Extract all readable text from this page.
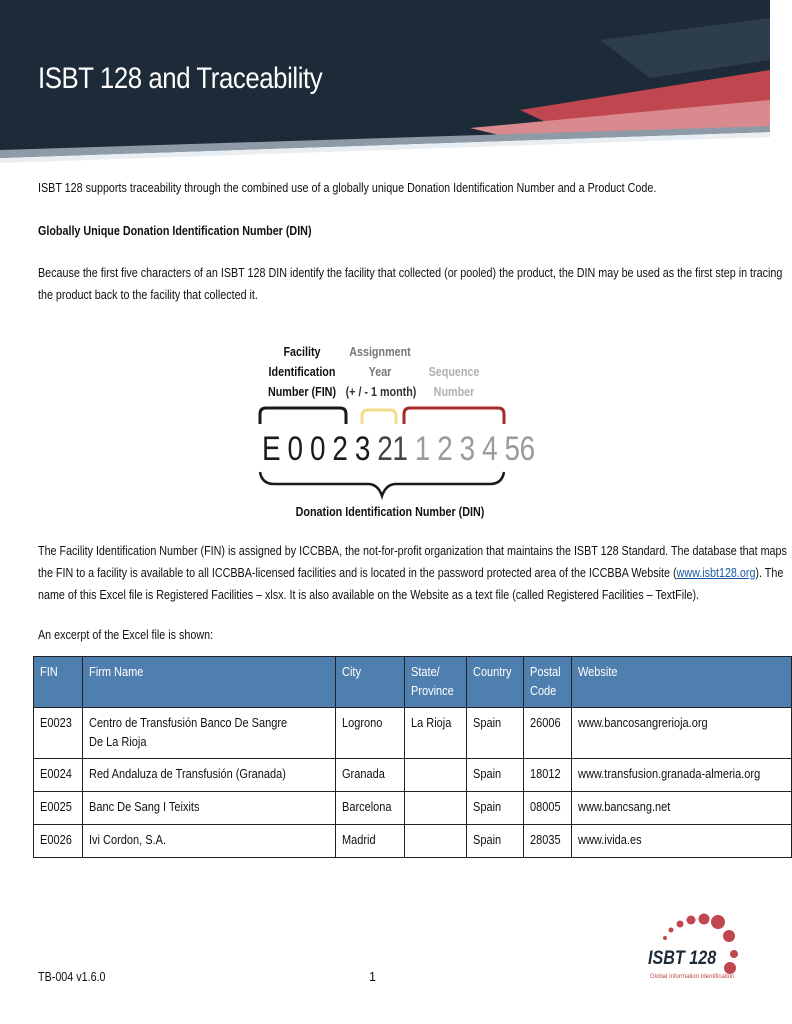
ISBT 128 and Traceability
ISBT 128 supports traceability through the combined use of a globally unique Donation Identification Number and a Product Code.
Globally Unique Donation Identification Number (DIN)
Because the first five characters of an ISBT 128 DIN identify the facility that collected (or pooled) the product, the DIN may be used as the first step in tracing
the product back to the facility that collected it.
Facility
Identification
Number (FIN)
Assignment
Year
(+ / - 1 month)
Sequence
Number
E 0 0 2 3 21 1 2 3 4 56
Donation Identification Number (DIN)
The Facility Identification Number (FIN) is assigned by ICCBBA, the not-for-profit organization that maintains the ISBT 128 Standard. The database that maps
the FIN to a facility is available to all ICCBBA-licensed facilities and is located in the password protected area of the ICCBBA Website (www.isbt128.org). The
name of this Excel file is Registered Facilities – xlsx. It is also available on the Website as a text file (called Registered Facilities – TextFile).
An excerpt of the Excel file is shown:
FIN	Firm Name	City	State/ Province	Country	Postal Code	Website
E0023	Centro de Transfusión Banco De Sangre De La Rioja	Logrono	La Rioja	Spain	26006	www.bancosangrerioja.org
E0024	Red Andaluza de Transfusión (Granada)	Granada		Spain	18012	www.transfusion.granada-almeria.org
E0025	Banc De Sang I Teixits	Barcelona		Spain	08005	www.bancsang.net
E0026	Ivi Cordon, S.A.	Madrid		Spain	28035	www.ivida.es
TB-004 v1.6.0	1
ISBT 128
Global Information Identification
